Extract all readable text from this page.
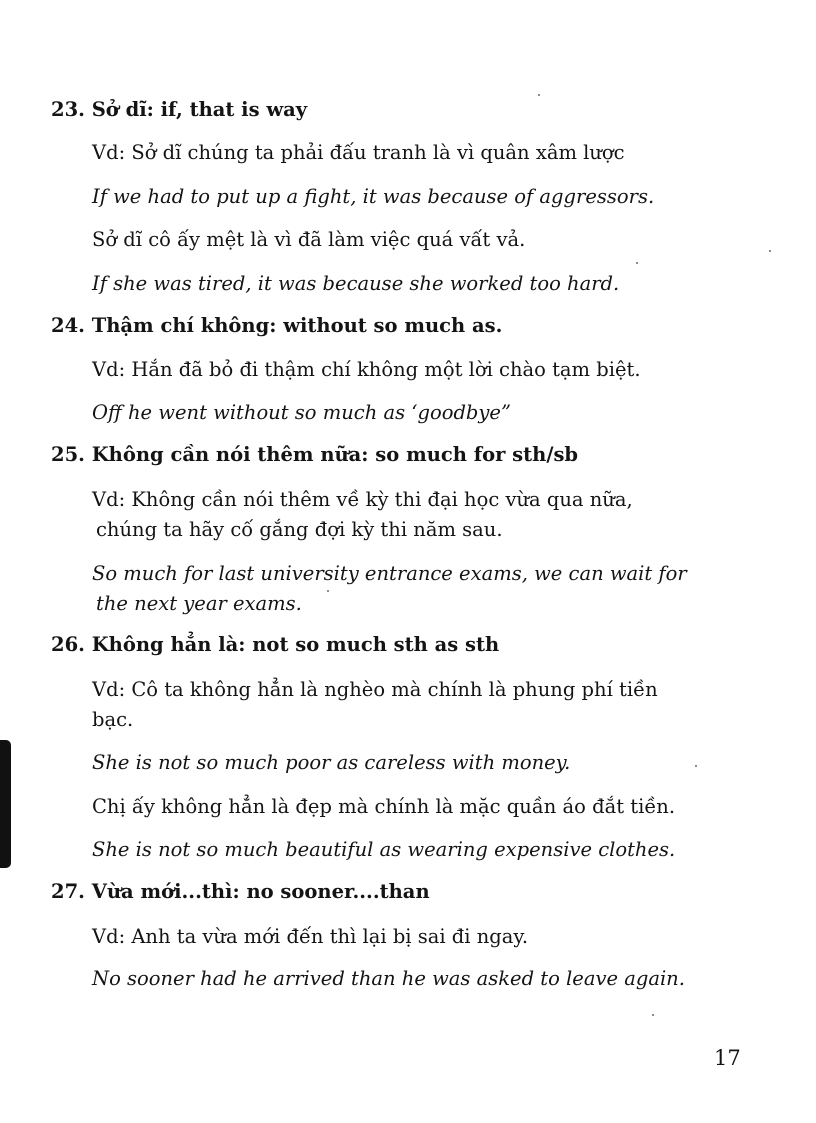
23. Sở dĩ: if, that is way
Vd: Sở dĩ chúng ta phải đấu tranh là vì quân xâm lược
If we had to put up a fight, it was because of aggressors.
Sở dĩ cô ấy mệt là vì đã làm việc quá vất vả.
If she was tired, it was because she worked too hard.
24. Thậm chí không: without so much as.
Vd: Hắn đã bỏ đi thậm chí không một lời chào tạm biệt.
Off he went without so much as ‘goodbye”
25. Không cần nói thêm nữa: so much for sth/sb
Vd: Không cần nói thêm về kỳ thi đại học vừa qua nữa,
chúng ta hãy cố gắng đợi kỳ thi năm sau.
So much for last university entrance exams, we can wait for
the next year exams.
26. Không hẳn là: not so much sth as sth
Vd: Cô ta không hẳn là nghèo mà chính là phung phí tiền
bạc.
She is not so much poor as careless with money.
Chị ấy không hẳn là đẹp mà chính là mặc quần áo đắt tiền.
She is not so much beautiful as wearing expensive clothes.
27. Vừa mới...thì: no sooner....than
Vd: Anh ta vừa mới đến thì lại bị sai đi ngay.
No sooner had he arrived than he was asked to leave again.
17
